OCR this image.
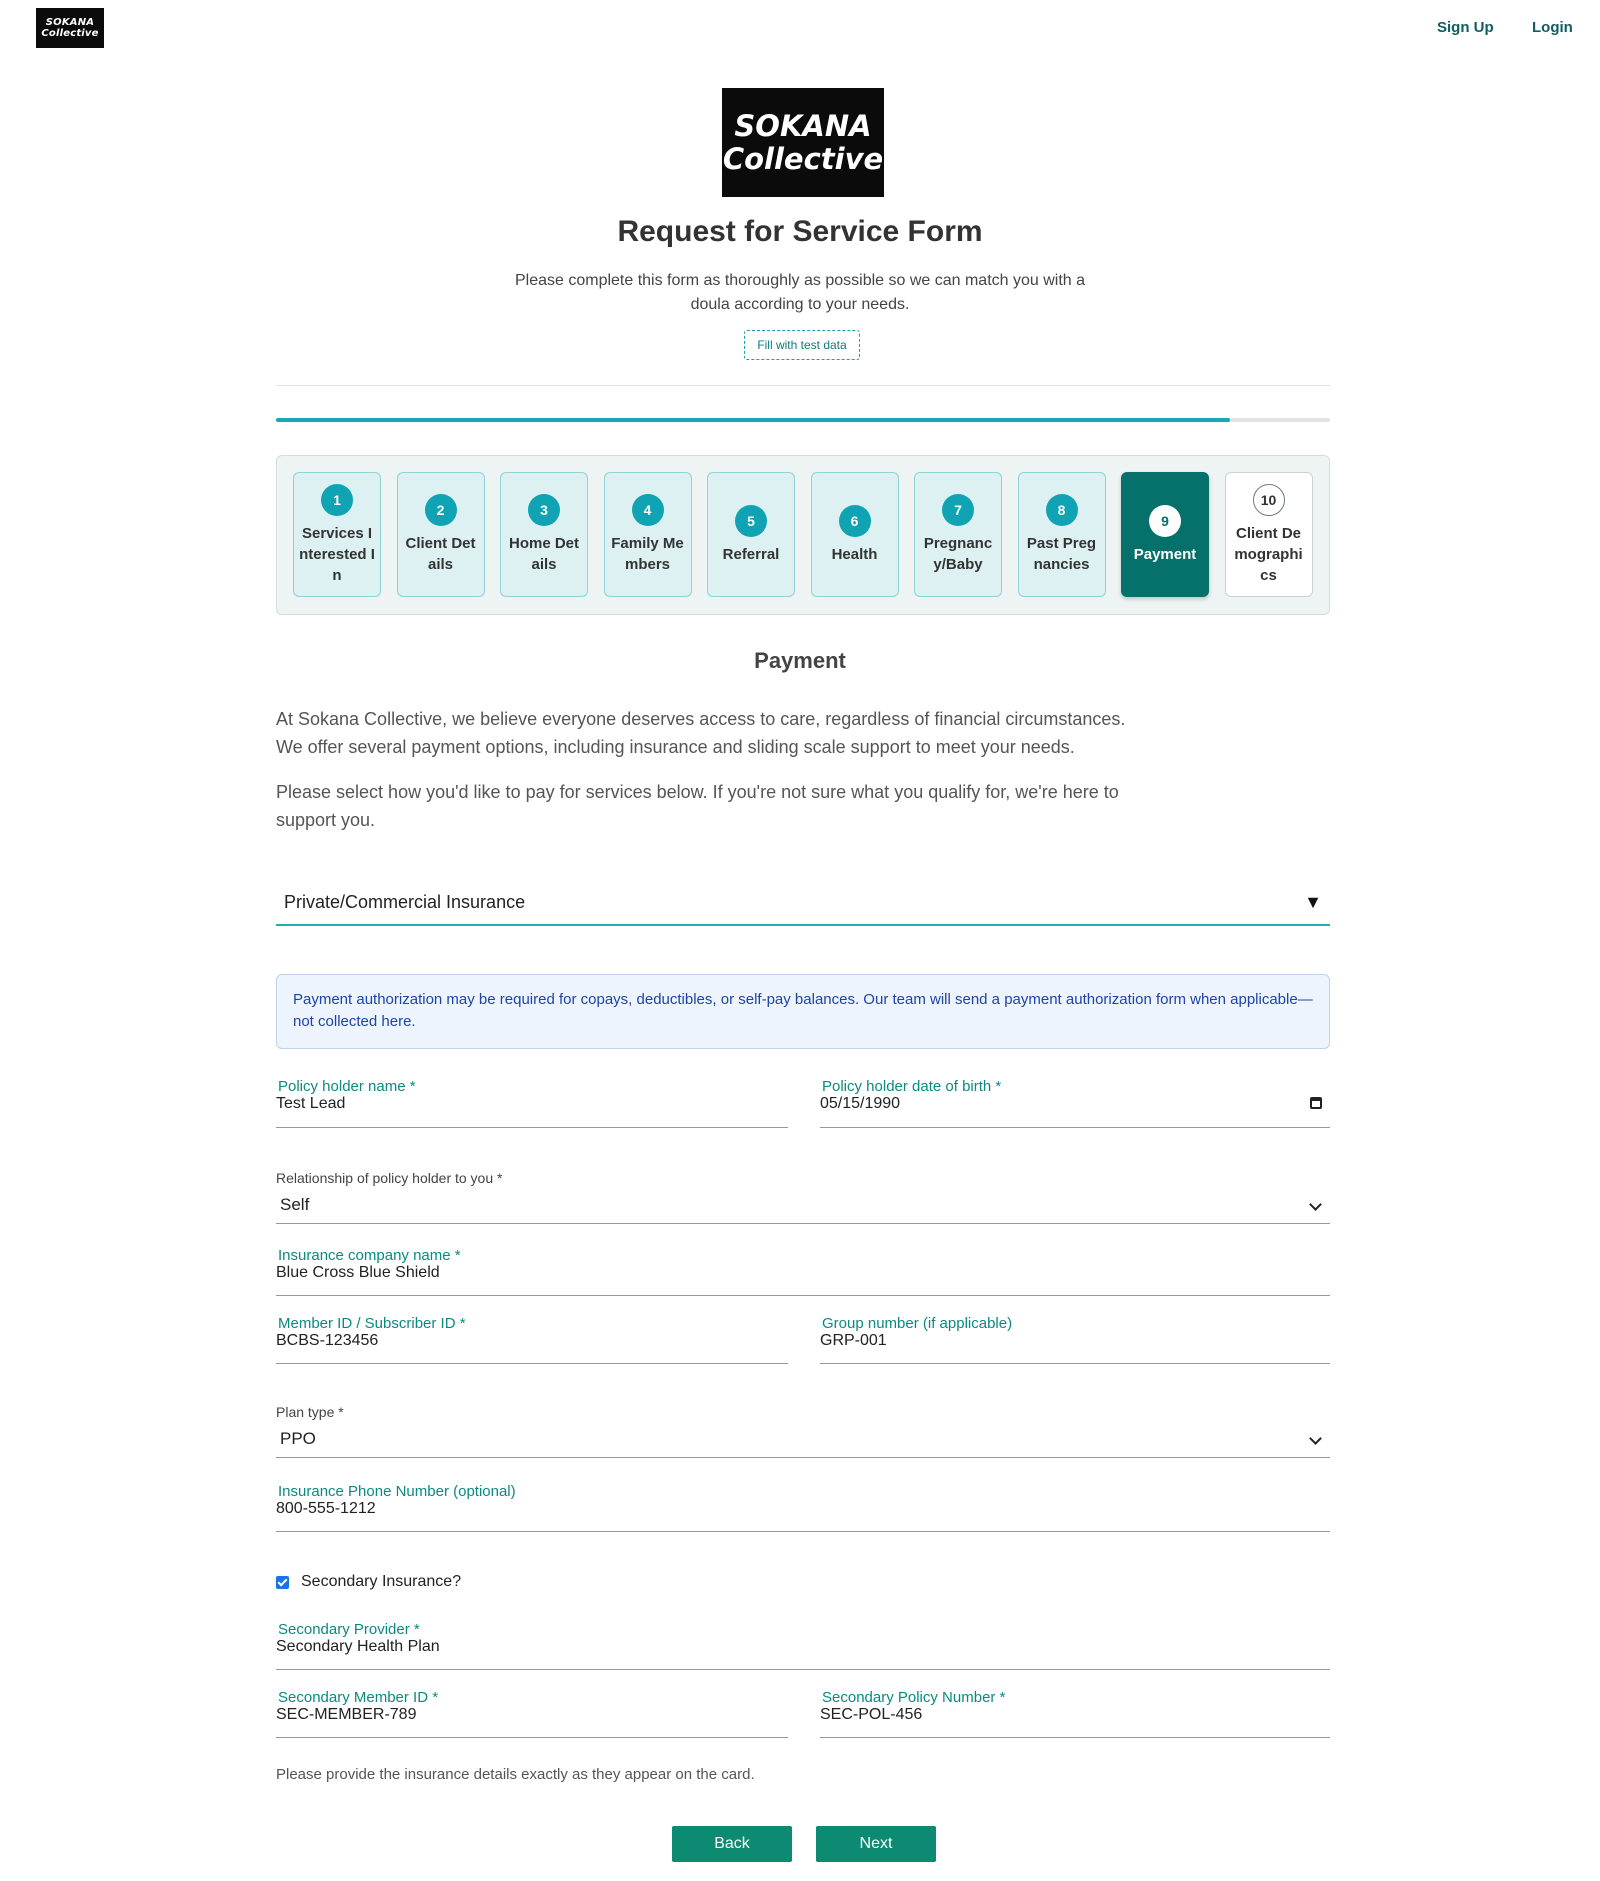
SOKANA
Collective	Sign Up	Login
SOKANA
Collective
Request for Service Form
Please complete this form as thoroughly as possible so we can match you with a doula according to your needs.
Fill with test data
1
Services Interested In
2
Client Details
3
Home Details
4
Family Members
5
Referral
6
Health
7
Pregnancy/Baby
8
Past Pregnancies
9
Payment
10
Client Demographics
Payment
At Sokana Collective, we believe everyone deserves access to care, regardless of financial circumstances.
We offer several payment options, including insurance and sliding scale support to meet your needs.
Please select how you'd like to pay for services below. If you're not sure what you qualify for, we're here to support you.
Private/Commercial Insurance	▼
Payment authorization may be required for copays, deductibles, or self-pay balances. Our team will send a payment authorization form when applicable—not collected here.
Policy holder name *
Test Lead
Policy holder date of birth *
05/15/1990
Relationship of policy holder to you *
Self
Insurance company name *
Blue Cross Blue Shield
Member ID / Subscriber ID *
BCBS-123456
Group number (if applicable)
GRP-001
Plan type *
PPO
Insurance Phone Number (optional)
800-555-1212
Secondary Insurance?
Secondary Provider *
Secondary Health Plan
Secondary Member ID *
SEC-MEMBER-789
Secondary Policy Number *
SEC-POL-456
Please provide the insurance details exactly as they appear on the card.
Back	Next
